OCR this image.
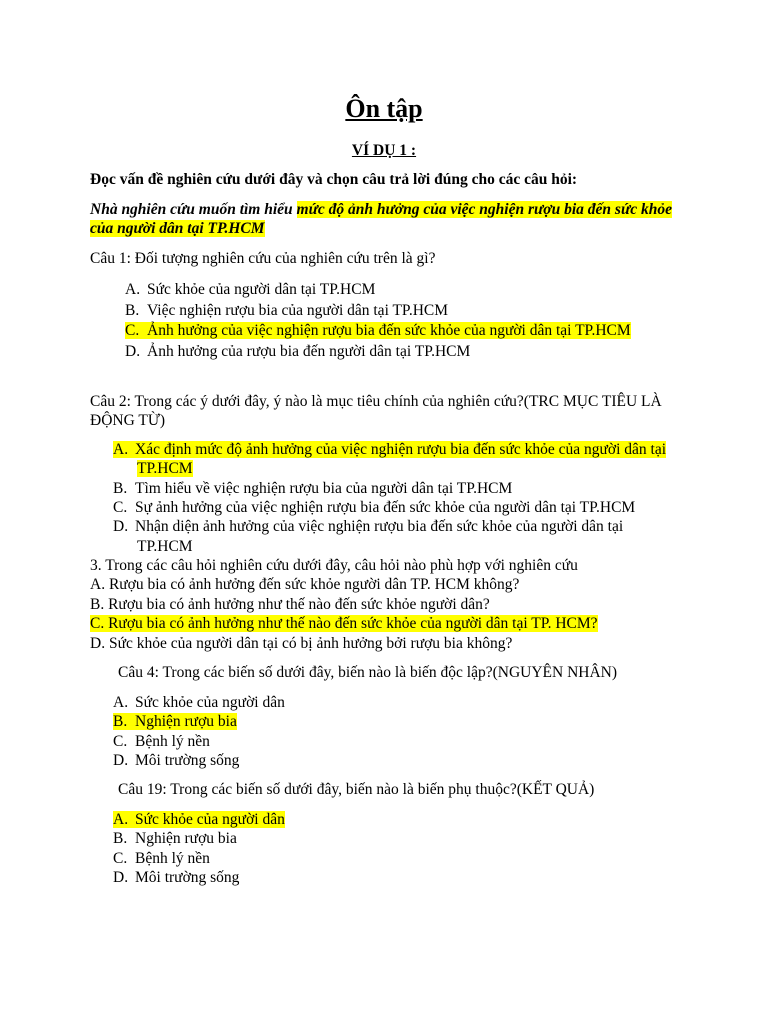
Ôn tập
VÍ DỤ 1 :
Đọc vấn đề nghiên cứu dưới đây và chọn câu trả lời đúng cho các câu hỏi:
Nhà nghiên cứu muốn tìm hiểu mức độ ảnh hưởng của việc nghiện rượu bia đến sức khỏe
của người dân tại TP.HCM
Câu 1: Đối tượng nghiên cứu của nghiên cứu trên là gì?
A. Sức khỏe của người dân tại TP.HCM
B. Việc nghiện rượu bia của người dân tại TP.HCM
C. Ảnh hưởng của việc nghiện rượu bia đến sức khỏe của người dân tại TP.HCM
D. Ảnh hưởng của rượu bia đến người dân tại TP.HCM
Câu 2: Trong các ý dưới đây, ý nào là mục tiêu chính của nghiên cứu?(TRC MỤC TIÊU LÀ
ĐỘNG TỪ)
A. Xác định mức độ ảnh hưởng của việc nghiện rượu bia đến sức khỏe của người dân tại
TP.HCM
B. Tìm hiểu về việc nghiện rượu bia của người dân tại TP.HCM
C. Sự ảnh hưởng của việc nghiện rượu bia đến sức khỏe của người dân tại TP.HCM
D. Nhận diện ảnh hưởng của việc nghiện rượu bia đến sức khỏe của người dân tại
TP.HCM
3. Trong các câu hỏi nghiên cứu dưới đây, câu hỏi nào phù hợp với nghiên cứu
A. Rượu bia có ảnh hưởng đến sức khỏe người dân TP. HCM không?
B. Rượu bia có ảnh hưởng như thế nào đến sức khỏe người dân?
C. Rượu bia có ảnh hưởng như thế nào đến sức khỏe của người dân tại TP. HCM?
D. Sức khỏe của người dân tại có bị ảnh hưởng bởi rượu bia không?
Câu 4: Trong các biến số dưới đây, biến nào là biến độc lập?(NGUYÊN NHÂN)
A. Sức khỏe của người dân
B. Nghiện rượu bia
C. Bệnh lý nền
D. Môi trường sống
Câu 19: Trong các biến số dưới đây, biến nào là biến phụ thuộc?(KẾT QUẢ)
A. Sức khỏe của người dân
B. Nghiện rượu bia
C. Bệnh lý nền
D. Môi trường sống
